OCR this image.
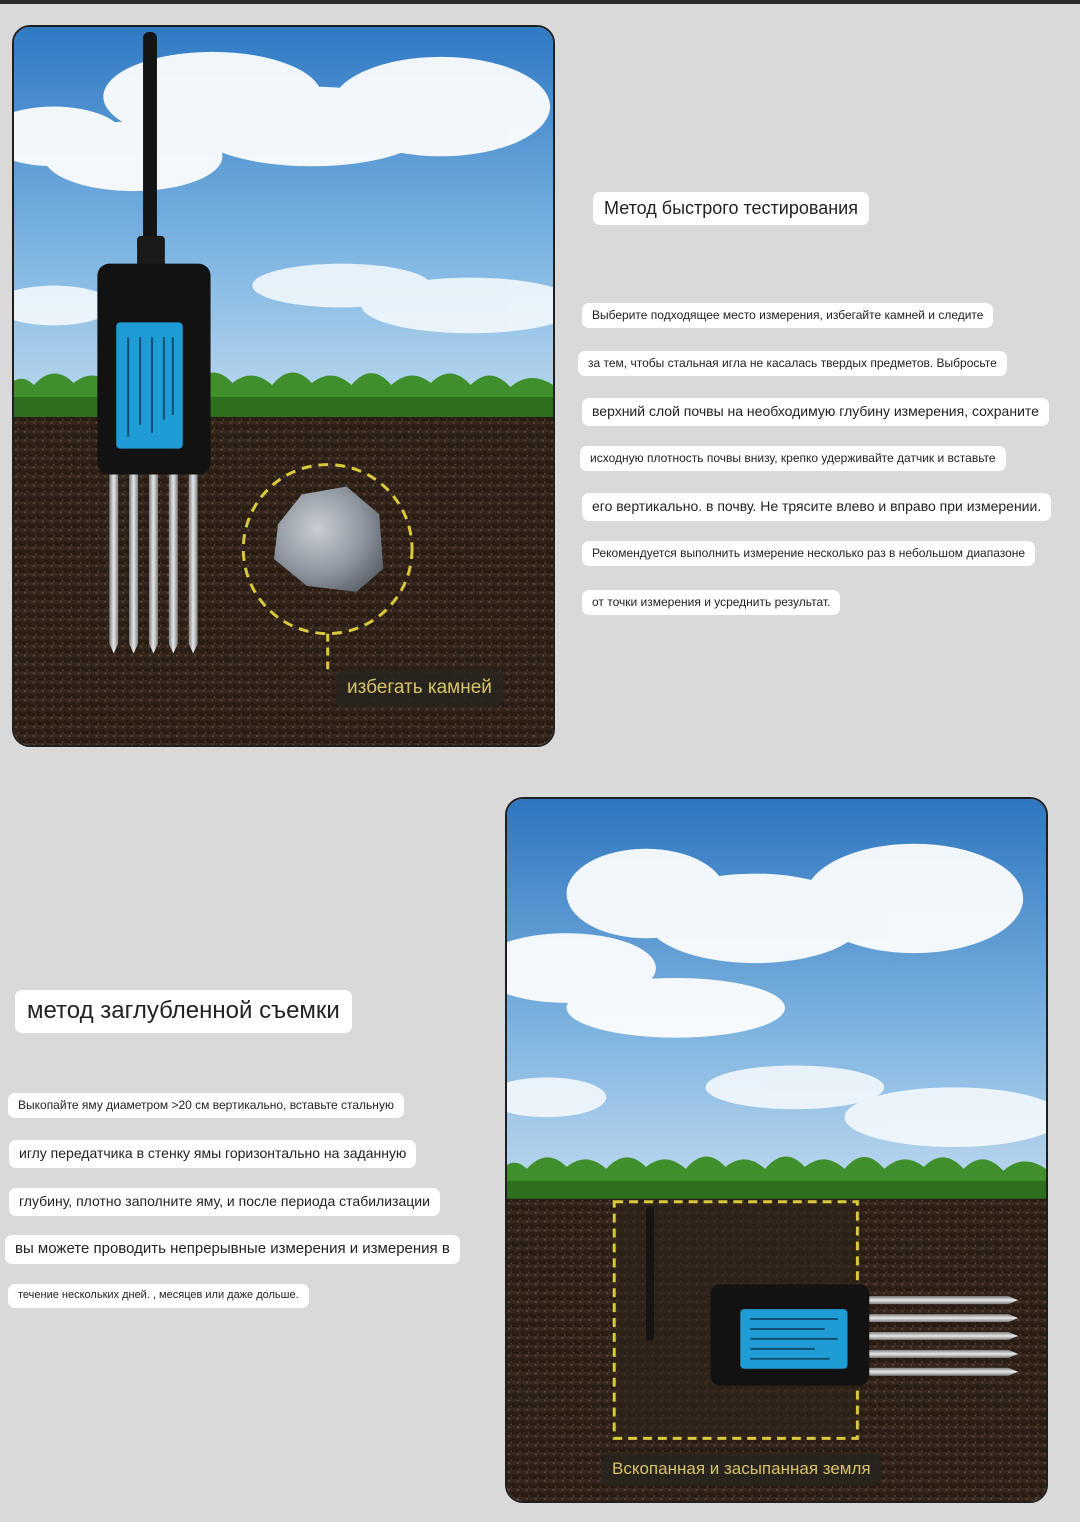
избегать камней
Метод быстрого тестирования
Выберите подходящее место измерения, избегайте камней и следите
за тем, чтобы стальная игла не касалась твердых предметов. Выбросьте
верхний слой почвы на необходимую глубину измерения, сохраните
исходную плотность почвы внизу, крепко удерживайте датчик и вставьте
его вертикально. в почву. Не трясите влево и вправо при измерении.
Рекомендуется выполнить измерение несколько раз в небольшом диапазоне
от точки измерения и усреднить результат.
Вскопанная и засыпанная земля
метод заглубленной съемки
Выкопайте яму диаметром >20 см вертикально, вставьте стальную
иглу передатчика в стенку ямы горизонтально на заданную
глубину, плотно заполните яму, и после периода стабилизации
вы можете проводить непрерывные измерения и измерения в
течение нескольких дней. , месяцев или даже дольше.
